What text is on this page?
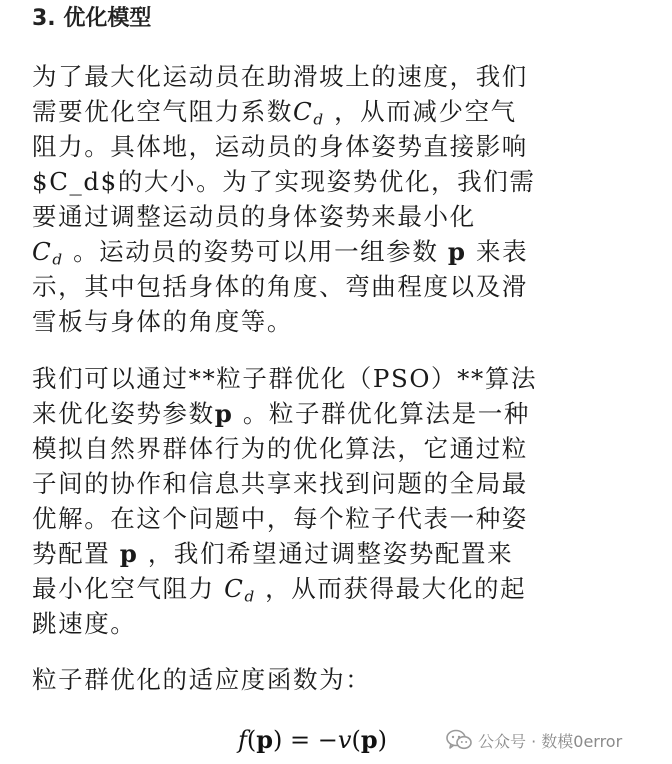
3. 优化模型
为了最大化运动员在助滑坡上的速度，我们
需要优化空气阻力系数$C_d$ ，从而减少空气
阻力。具体地，运动员的身体姿势直接影响
$C_d$的大小。为了实现姿势优化，我们需
要通过调整运动员的身体姿势来最小化
$C_d$ 。运动员的姿势可以用一组参数 p 来表
示，其中包括身体的角度、弯曲程度以及滑
雪板与身体的角度等。
我们可以通过**粒子群优化（PSO）**算法
来优化姿势参数p 。粒子群优化算法是一种
模拟自然界群体行为的优化算法，它通过粒
子间的协作和信息共享来找到问题的全局最
优解。在这个问题中，每个粒子代表一种姿
势配置 p ，我们希望通过调整姿势配置来
最小化空气阻力 $C_d$ ，从而获得最大化的起
跳速度。
粒子群优化的适应度函数为：
f(p) = −v(p)	公众号 · 数模0error
